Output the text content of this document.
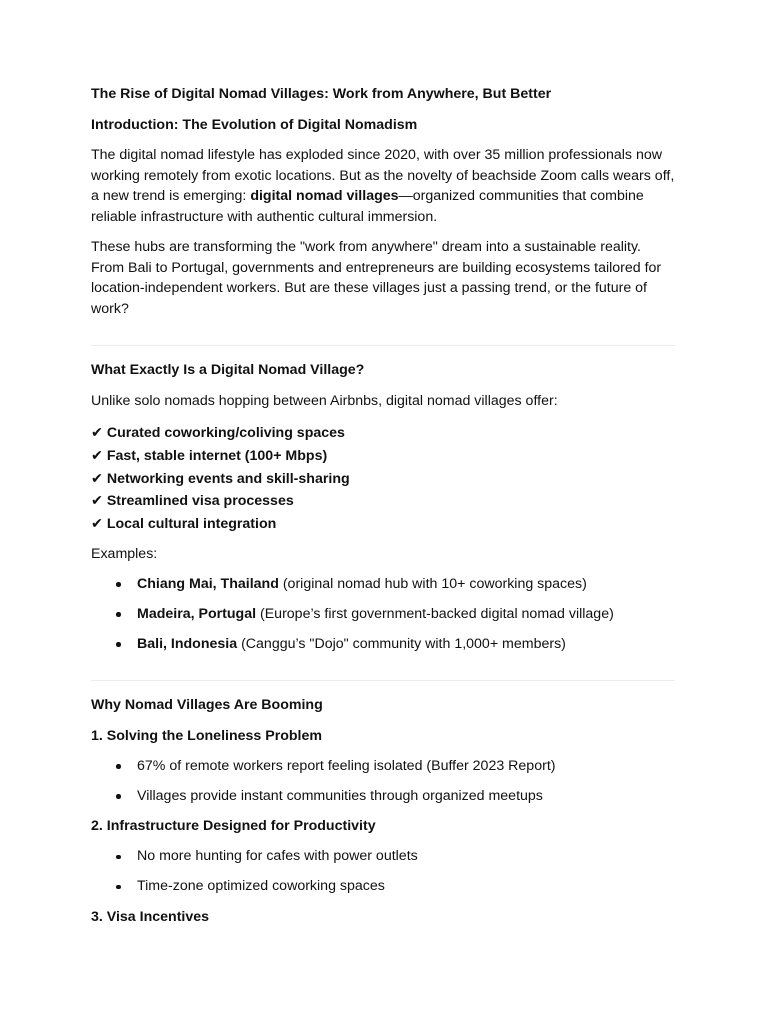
The Rise of Digital Nomad Villages: Work from Anywhere, But Better

Introduction: The Evolution of Digital Nomadism

The digital nomad lifestyle has exploded since 2020, with over 35 million professionals now working remotely from exotic locations. But as the novelty of beachside Zoom calls wears off, a new trend is emerging: digital nomad villages—organized communities that combine reliable infrastructure with authentic cultural immersion.

These hubs are transforming the "work from anywhere" dream into a sustainable reality. From Bali to Portugal, governments and entrepreneurs are building ecosystems tailored for location-independent workers. But are these villages just a passing trend, or the future of work?

What Exactly Is a Digital Nomad Village?

Unlike solo nomads hopping between Airbnbs, digital nomad villages offer:

✔ Curated coworking/coliving spaces
✔ Fast, stable internet (100+ Mbps)
✔ Networking events and skill-sharing
✔ Streamlined visa processes
✔ Local cultural integration

Examples:

Chiang Mai, Thailand (original nomad hub with 10+ coworking spaces)
Madeira, Portugal (Europe’s first government-backed digital nomad village)
Bali, Indonesia (Canggu’s "Dojo" community with 1,000+ members)

Why Nomad Villages Are Booming

1. Solving the Loneliness Problem

67% of remote workers report feeling isolated (Buffer 2023 Report)
Villages provide instant communities through organized meetups

2. Infrastructure Designed for Productivity

No more hunting for cafes with power outlets
Time-zone optimized coworking spaces

3. Visa Incentives
